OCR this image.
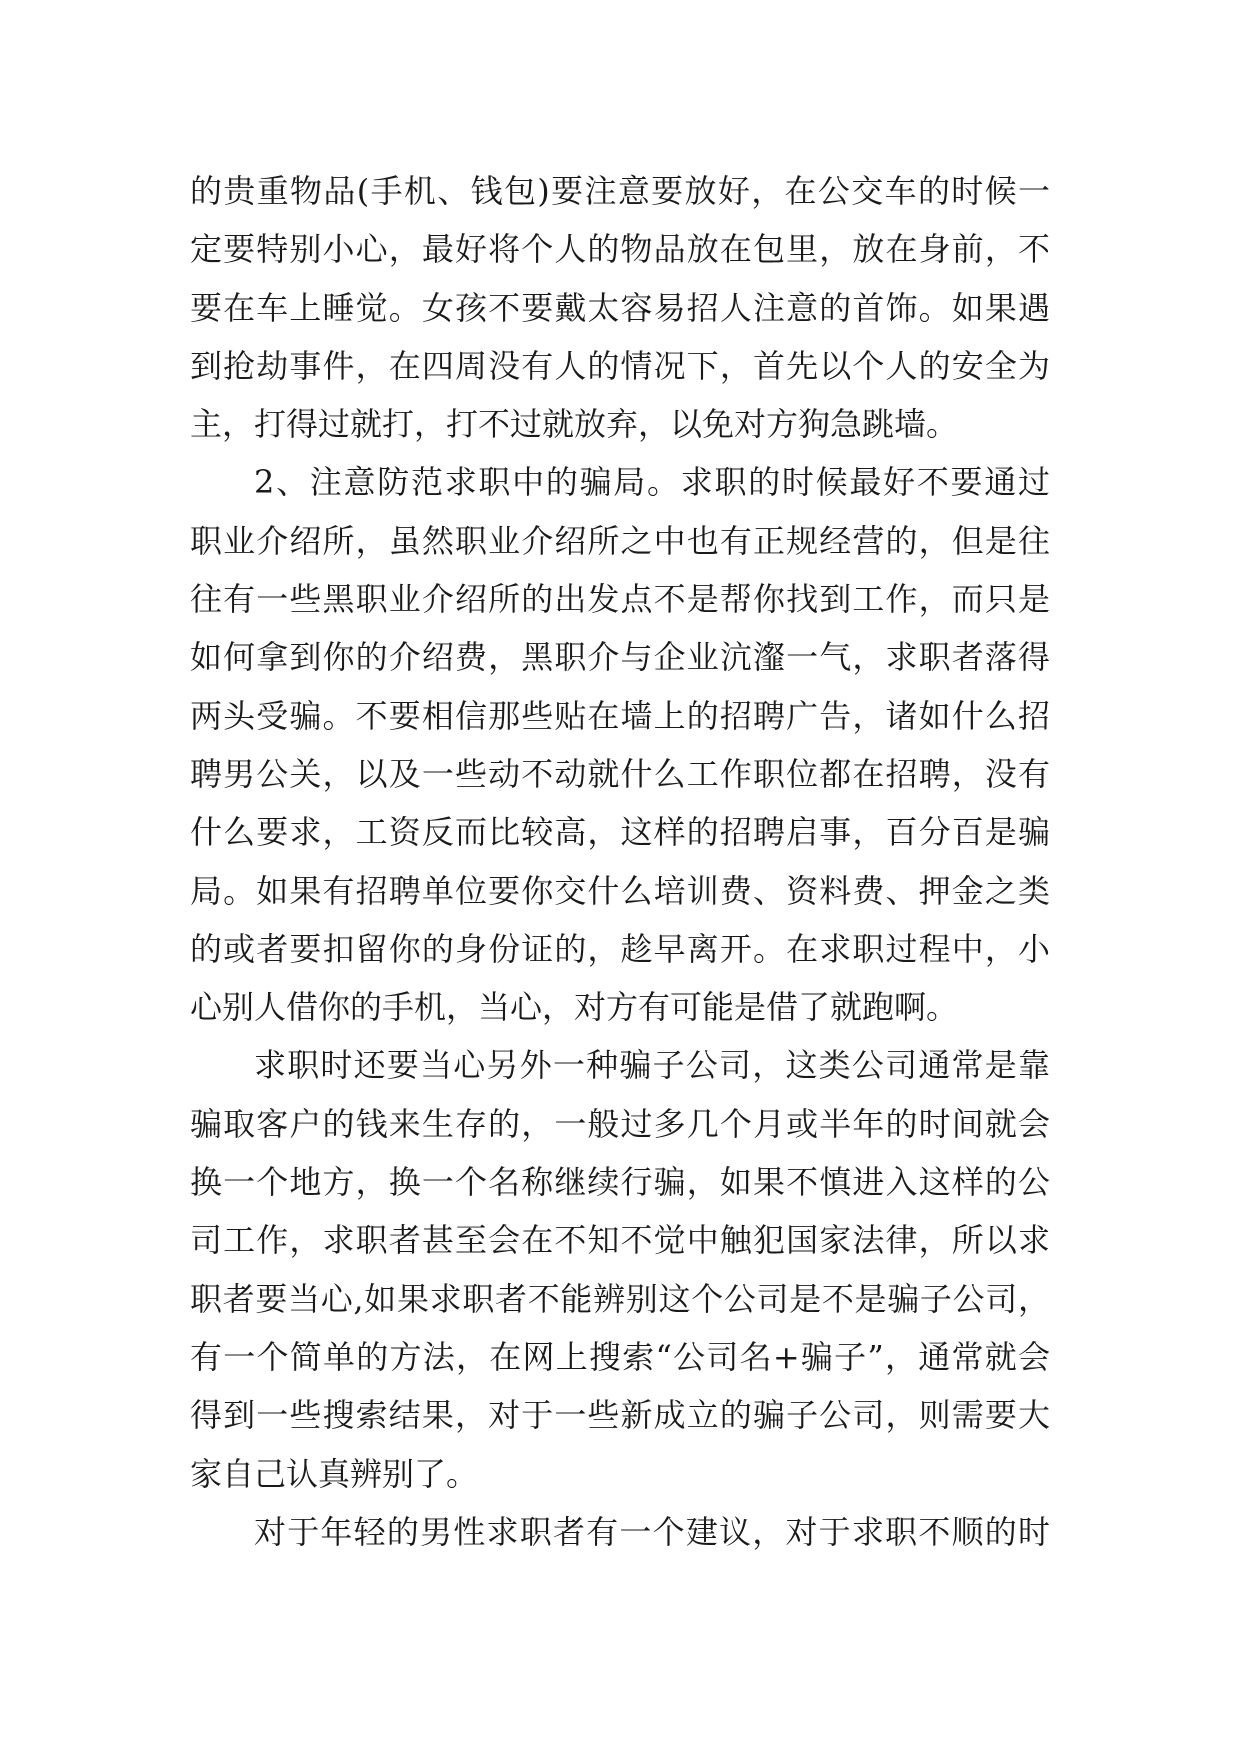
的贵重物品(手机、钱包)要注意要放好，在公交车的时候一
定要特别小心，最好将个人的物品放在包里，放在身前，不
要在车上睡觉。女孩不要戴太容易招人注意的首饰。如果遇
到抢劫事件，在四周没有人的情况下，首先以个人的安全为
主，打得过就打，打不过就放弃，以免对方狗急跳墙。
2、注意防范求职中的骗局。求职的时候最好不要通过
职业介绍所，虽然职业介绍所之中也有正规经营的，但是往
往有一些黑职业介绍所的出发点不是帮你找到工作，而只是
如何拿到你的介绍费，黑职介与企业沆瀣一气，求职者落得
两头受骗。不要相信那些贴在墙上的招聘广告，诸如什么招
聘男公关，以及一些动不动就什么工作职位都在招聘，没有
什么要求，工资反而比较高，这样的招聘启事，百分百是骗
局。如果有招聘单位要你交什么培训费、资料费、押金之类
的或者要扣留你的身份证的，趁早离开。在求职过程中，小
心别人借你的手机，当心，对方有可能是借了就跑啊。
求职时还要当心另外一种骗子公司，这类公司通常是靠
骗取客户的钱来生存的，一般过多几个月或半年的时间就会
换一个地方，换一个名称继续行骗，如果不慎进入这样的公
司工作，求职者甚至会在不知不觉中触犯国家法律，所以求
职者要当心,如果求职者不能辨别这个公司是不是骗子公司，
有一个简单的方法，在网上搜索“公司名+骗子”，通常就会
得到一些搜索结果，对于一些新成立的骗子公司，则需要大
家自己认真辨别了。
对于年轻的男性求职者有一个建议，对于求职不顺的时
